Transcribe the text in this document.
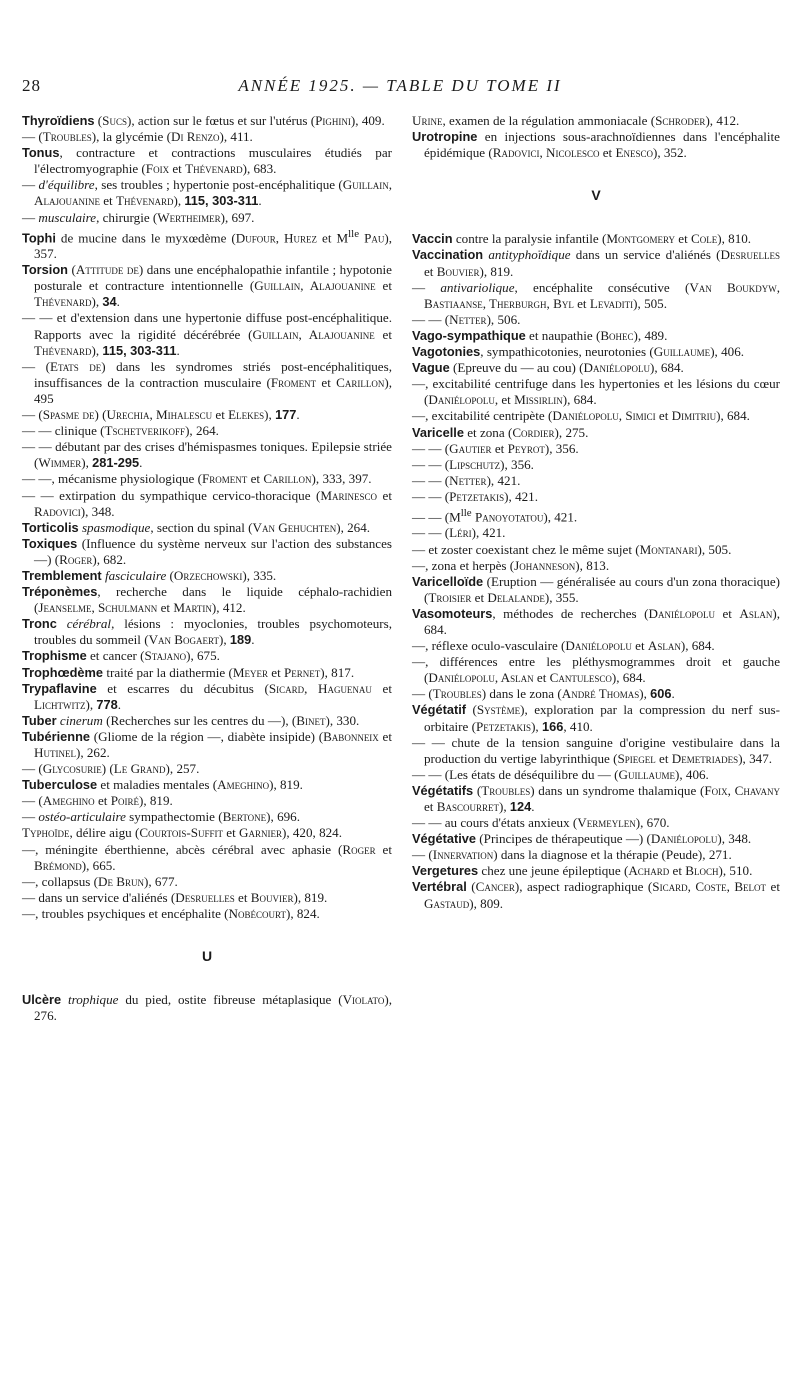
28	ANNÉE 1925. — TABLE DU TOME II
Thyroïdiens (Sucs), action sur le fœtus et sur l'utérus (Pighini), 409.
— (Troubles), la glycémie (Di Renzo), 411.
Tonus, contracture et contractions musculaires étudiés par l'électromyographie (Foix et Thévenard), 683.
— d'équilibre, ses troubles ; hypertonie post-encéphalitique (Guillain, Alajouanine et Thévenard), 115, 303-311.
— musculaire, chirurgie (Wertheimer), 697.
Tophi de mucine dans le myxœdème (Dufour, Hurez et $M^{lle}$ Pau), 357.
Torsion (Attitude de) dans une encéphalopathie infantile ; hypotonie posturale et contracture intentionnelle (Guillain, Alajouanine et Thévenard), 34.
— — et d'extension dans une hypertonie diffuse post-encéphalitique. Rapports avec la rigidité décérébrée (Guillain, Alajouanine et Thévenard), 115, 303-311.
— (Etats de) dans les syndromes striés post-encéphalitiques, insuffisances de la contraction musculaire (Froment et Carillon), 495
— (Spasme de) (Urechia, Mihalescu et Elekes), 177.
— — clinique (Tschetverikoff), 264.
— — débutant par des crises d'hémispasmes toniques. Epilepsie striée (Wimmer), 281-295.
— —, mécanisme physiologique (Froment et Carillon), 333, 397.
— — extirpation du sympathique cervico-thoracique (Marinesco et Radovici), 348.
Torticolis spasmodique, section du spinal (Van Gehuchten), 264.
Toxiques (Influence du système nerveux sur l'action des substances —) (Roger), 682.
Tremblement fasciculaire (Orzechowski), 335.
Tréponèmes, recherche dans le liquide céphalo-rachidien (Jeanselme, Schulmann et Martin), 412.
Tronc cérébral, lésions : myoclonies, troubles psychomoteurs, troubles du sommeil (Van Bogaert), 189.
Trophisme et cancer (Stajano), 675.
Trophœdème traité par la diathermie (Meyer et Pernet), 817.
Trypaflavine et escarres du décubitus (Sicard, Haguenau et Lichtwitz), 778.
Tuber cinerum (Recherches sur les centres du —), (Binet), 330.
Tubérienne (Gliome de la région —, diabète insipide) (Babonneix et Hutinel), 262.
— (Glycosurie) (Le Grand), 257.
Tuberculose et maladies mentales (Ameghino), 819.
— (Ameghino et Poiré), 819.
— ostéo-articulaire sympathectomie (Bertone), 696.
Typhoïde, délire aigu (Courtois-Suffit et Garnier), 420, 824.
—, méningite éberthienne, abcès cérébral avec aphasie (Roger et Brémond), 665.
—, collapsus (De Brun), 677.
— dans un service d'aliénés (Desruelles et Bouvier), 819.
—, troubles psychiques et encéphalite (Nobécourt), 824.
U
Ulcère trophique du pied, ostite fibreuse métaplasique (Violato), 276.
Urine, examen de la régulation ammoniacale (Schroder), 412.
Urotropine en injections sous-arachnoïdiennes dans l'encéphalite épidémique (Radovici, Nicolesco et Enesco), 352.
V
Vaccin contre la paralysie infantile (Montgomery et Cole), 810.
Vaccination antityphoïdique dans un service d'aliénés (Desruelles et Bouvier), 819.
— antivariolique, encéphalite consécutive (Van Boukdyw, Bastiaanse, Therburgh, Byl et Levaditi), 505.
— — (Netter), 506.
Vago-sympathique et naupathie (Bohec), 489.
Vagotonies, sympathicotonies, neurotonies (Guillaume), 406.
Vague (Epreuve du — au cou) (Daniélopolu), 684.
—, excitabilité centrifuge dans les hypertonies et les lésions du cœur (Daniélopolu, et Missirlin), 684.
—, excitabilité centripète (Daniélopolu, Simici et Dimitriu), 684.
Varicelle et zona (Cordier), 275.
— — (Gautier et Peyrot), 356.
— — (Lipschutz), 356.
— — (Netter), 421.
— — (Petzetakis), 421.
— — ($M^{lle}$ Panoyotatou), 421.
— — (Léri), 421.
— et zoster coexistant chez le même sujet (Montanari), 505.
—, zona et herpès (Johanneson), 813.
Varicelloïde (Eruption — généralisée au cours d'un zona thoracique) (Troisier et Delalande), 355.
Vasomoteurs, méthodes de recherches (Daniélopolu et Aslan), 684.
—, réflexe oculo-vasculaire (Daniélopolu et Aslan), 684.
—, différences entre les pléthysmogrammes droit et gauche (Daniélopolu, Aslan et Cantulesco), 684.
— (Troubles) dans le zona (André Thomas), 606.
Végétatif (Système), exploration par la compression du nerf sus-orbitaire (Petzetakis), 166, 410.
— — chute de la tension sanguine d'origine vestibulaire dans la production du vertige labyrinthique (Spiegel et Demetriades), 347.
— — (Les états de déséquilibre du — (Guillaume), 406.
Végétatifs (Troubles) dans un syndrome thalamique (Foix, Chavany et Bascourret), 124.
— — au cours d'états anxieux (Vermeylen), 670.
Végétative (Principes de thérapeutique —) (Daniélopolu), 348.
— (Innervation) dans la diagnose et la thérapie (Peude), 271.
Vergetures chez une jeune épileptique (Achard et Bloch), 510.
Vertébral (Cancer), aspect radiographique (Sicard, Coste, Belot et Gastaud), 809.
